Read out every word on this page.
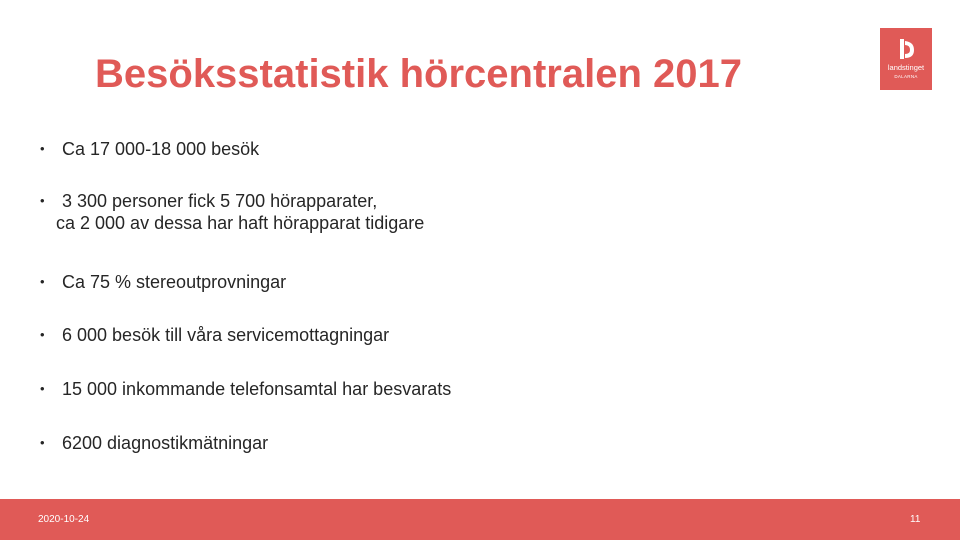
Besöksstatistik hörcentralen 2017	landstinget
DALARNA
• Ca 17 000-18 000 besök
• 3 300 personer fick 5 700 hörapparater,
ca 2 000 av dessa har haft hörapparat tidigare
• Ca 75 % stereoutprovningar
• 6 000 besök till våra servicemottagningar
• 15 000 inkommande telefonsamtal har besvarats
• 6200 diagnostikmätningar
2020-10-24	11
